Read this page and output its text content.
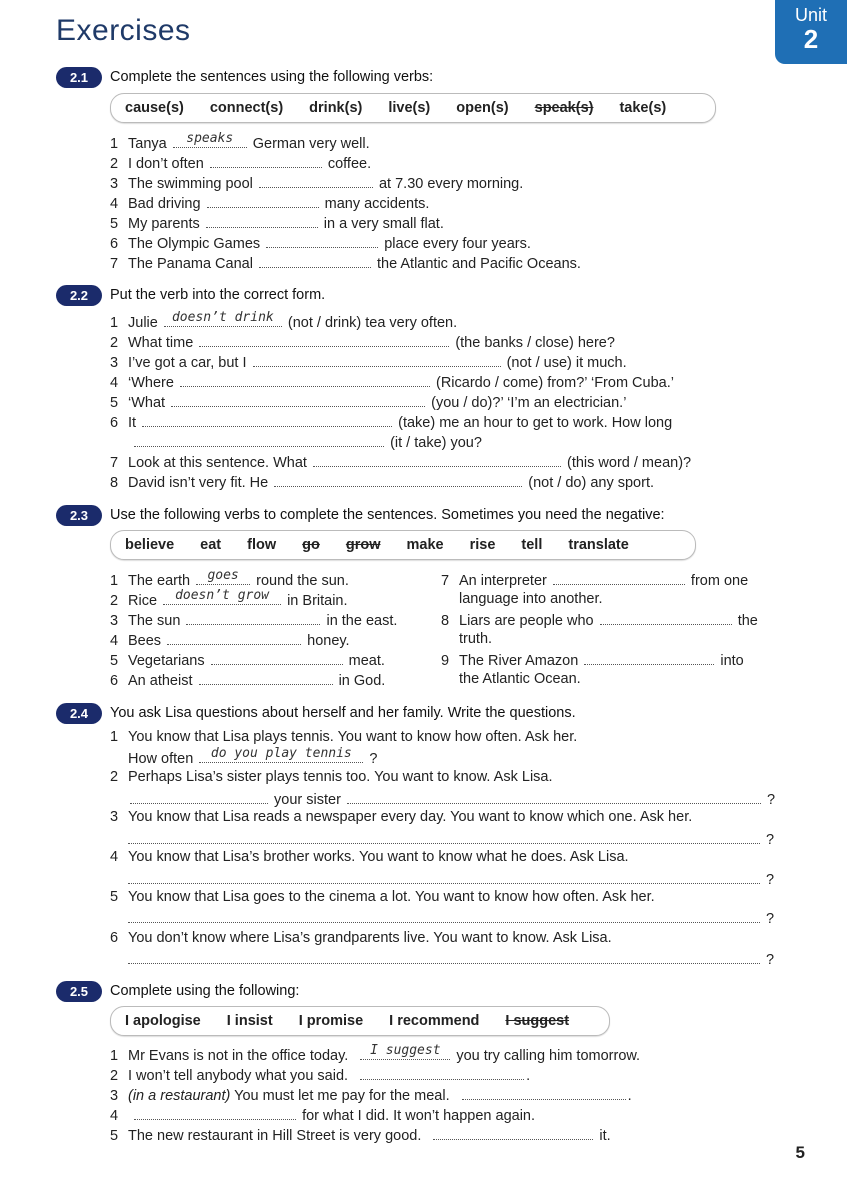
Exercises	Unit
2
2.1	Complete the sentences using the following verbs:
cause(s) connect(s) drink(s) live(s) open(s) speak(s) take(s)
1 Tanya	speaks	German very well.
2 I don’t often	coffee.
3 The swimming pool	at 7.30 every morning.
4 Bad driving	many accidents.
5 My parents	in a very small flat.
6 The Olympic Games	place every four years.
7 The Panama Canal	the Atlantic and Pacific Oceans.
2.2	Put the verb into the correct form.
1 Julie	doesn’t drink (not / drink) tea very often.
2 What time	(the banks / close) here?
3 I’ve got a car, but I	(not / use) it much.
4 ‘Where	(Ricardo / come) from?’ ‘From Cuba.’
5 ‘What	(you / do)?’ ‘I’m an electrician.’
6 It	(take) me an hour to get to work. How long
(it / take) you?
7 Look at this sentence. What	(this word / mean)?
8 David isn’t very fit. He	(not / do) any sport.
2.3	Use the following verbs to complete the sentences. Sometimes you need the negative:
believe eat flow go grow make rise tell translate
1 The earth	goes	round the sun.
2 Rice	doesn’t grow	in Britain.
3 The sun	in the east.
4 Bees	honey.
5 Vegetarians	meat.
6 An atheist	in God.
7 An interpreter	from one
language into another.
8 Liars are people who	the
truth.
9 The River Amazon	into
the Atlantic Ocean.
2.4	You ask Lisa questions about herself and her family. Write the questions.
1 You know that Lisa plays tennis. You want to know how often. Ask her.
How often	do you play tennis	?
2 Perhaps Lisa’s sister plays tennis too. You want to know. Ask Lisa.
your sister	?
3 You know that Lisa reads a newspaper every day. You want to know which one. Ask her.
?
4 You know that Lisa’s brother works. You want to know what he does. Ask Lisa.
?
5 You know that Lisa goes to the cinema a lot. You want to know how often. Ask her.
?
6 You don’t know where Lisa’s grandparents live. You want to know. Ask Lisa.
?
2.5	Complete using the following:
I apologise I insist I promise I recommend I suggest
1 Mr Evans is not in the office today.	I suggest	you try calling him tomorrow.
2 I won’t tell anybody what you said.	.
3 (in a restaurant) You must let me pay for the meal.	.
4	for what I did. It won’t happen again.
5 The new restaurant in Hill Street is very good.	it.
5
